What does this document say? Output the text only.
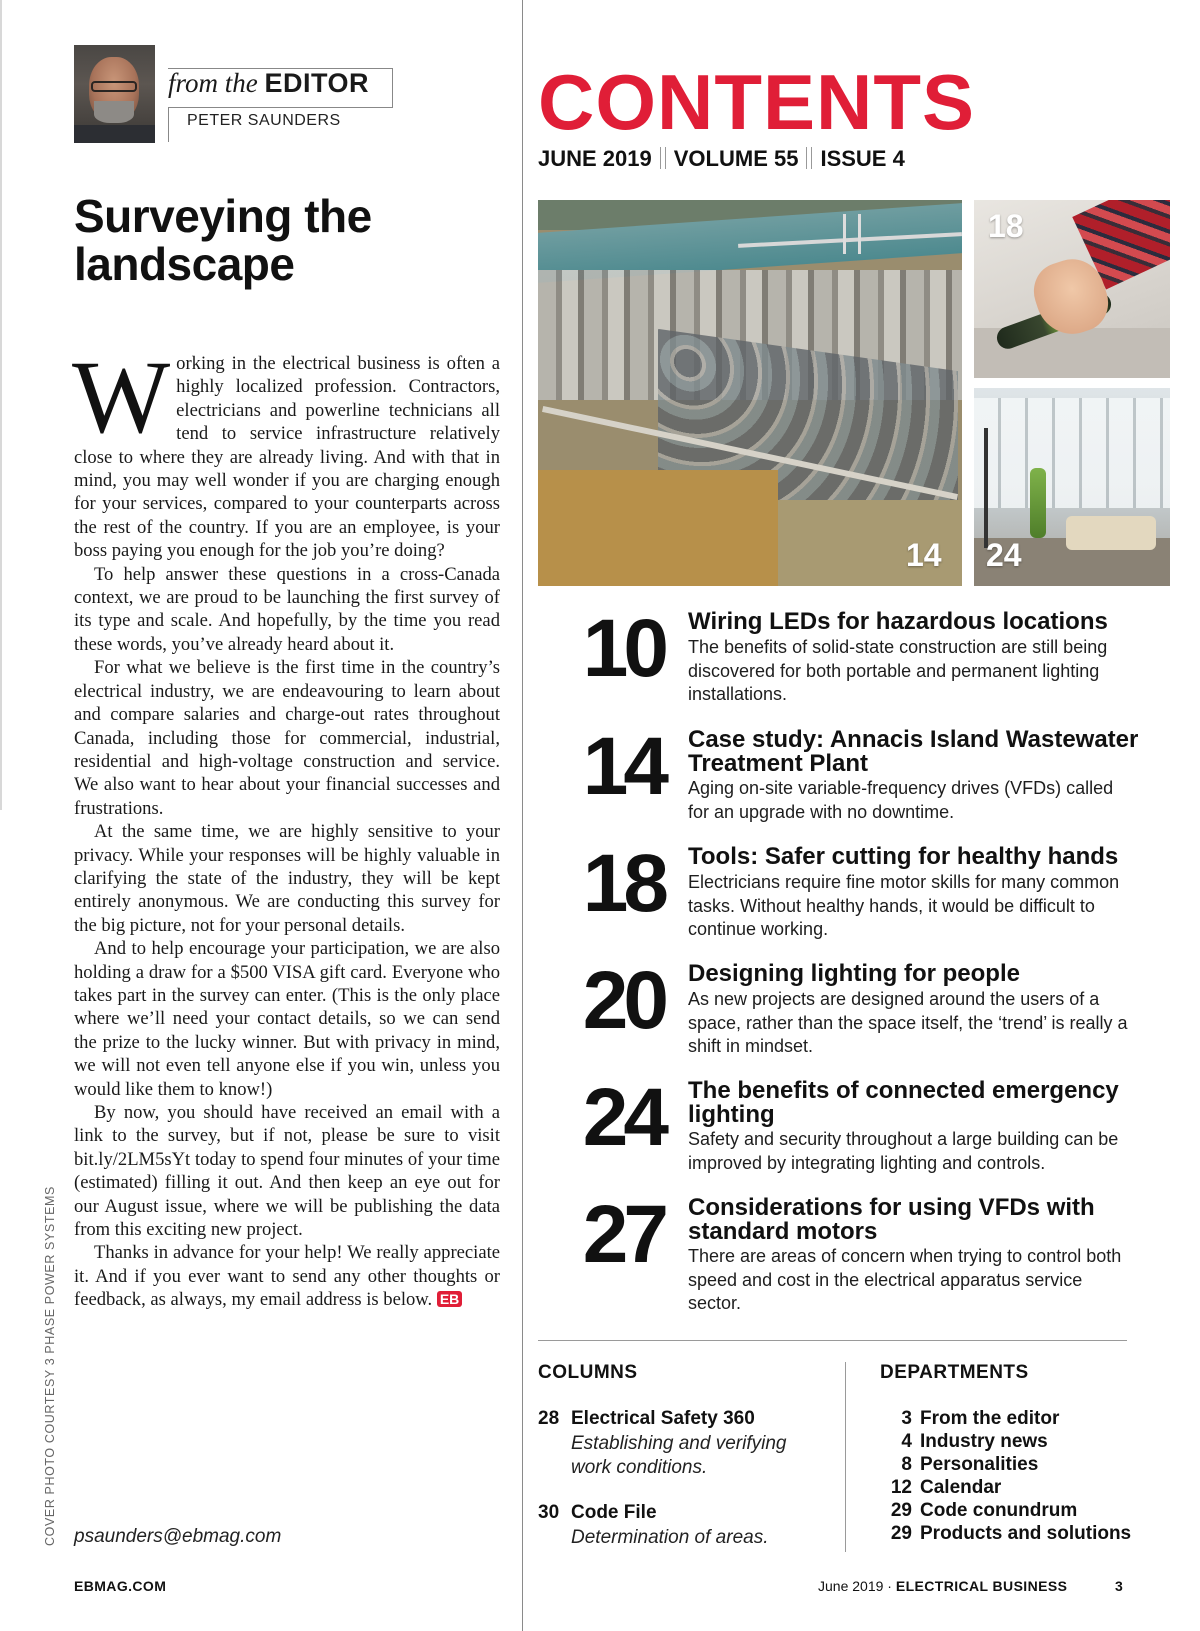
from the EDITOR
PETER SAUNDERS
Surveying the landscape

Working in the electrical business is often a highly localized profession. Contractors, electricians and powerline technicians all tend to service infrastructure relatively close to where they are already living. And with that in mind, you may well wonder if you are charging enough for your services, compared to your counterparts across the rest of the country. If you are an employee, is your boss paying you enough for the job you’re doing?

To help answer these questions in a cross-Canada context, we are proud to be launching the first survey of its type and scale. And hopefully, by the time you read these words, you’ve already heard about it.

For what we believe is the first time in the country’s electrical industry, we are endeavouring to learn about and compare salaries and charge-out rates throughout Canada, including those for commercial, industrial, residential and high-voltage construction and service. We also want to hear about your financial successes and frustrations.

At the same time, we are highly sensitive to your privacy. While your responses will be highly valuable in clarifying the state of the industry, they will be kept entirely anonymous. We are conducting this survey for the big picture, not for your personal details.

And to help encourage your participation, we are also holding a draw for a $500 VISA gift card. Everyone who takes part in the survey can enter. (This is the only place where we’ll need your contact details, so we can send the prize to the lucky winner. But with privacy in mind, we will not even tell anyone else if you win, unless you would like them to know!)

By now, you should have received an email with a link to the survey, but if not, please be sure to visit bit.ly/2LM5sYt today to spend four minutes of your time (estimated) filling it out. And then keep an eye out for our August issue, where we will be publishing the data from this exciting new project.

Thanks in advance for your help! We really appreciate it. And if you ever want to send any other thoughts or feedback, as always, my email address is below. EB

psaunders@ebmag.com
COVER PHOTO COURTESY 3 PHASE POWER SYSTEMS
CONTENTS
JUNE 2019 VOLUME 55 ISSUE 4
18
14 24
10 Wiring LEDs for hazardous locations
The benefits of solid-state construction are still being discovered for both portable and permanent lighting installations.
14 Case study: Annacis Island Wastewater Treatment Plant
Aging on-site variable-frequency drives (VFDs) called for an upgrade with no downtime.
18 Tools: Safer cutting for healthy hands
Electricians require fine motor skills for many common tasks. Without healthy hands, it would be difficult to continue working.
20 Designing lighting for people
As new projects are designed around the users of a space, rather than the space itself, the ‘trend’ is really a shift in mindset.
24 The benefits of connected emergency lighting
Safety and security throughout a large building can be improved by integrating lighting and controls.
27 Considerations for using VFDs with standard motors
There are areas of concern when trying to control both speed and cost in the electrical apparatus service sector.
COLUMNS
28 Electrical Safety 360
Establishing and verifying work conditions.
30 Code File
Determination of areas.
DEPARTMENTS
3 From the editor
4 Industry news
8 Personalities
12 Calendar
29 Code conundrum
29 Products and solutions
EBMAG.COM	June 2019 · ELECTRICAL BUSINESS	3
